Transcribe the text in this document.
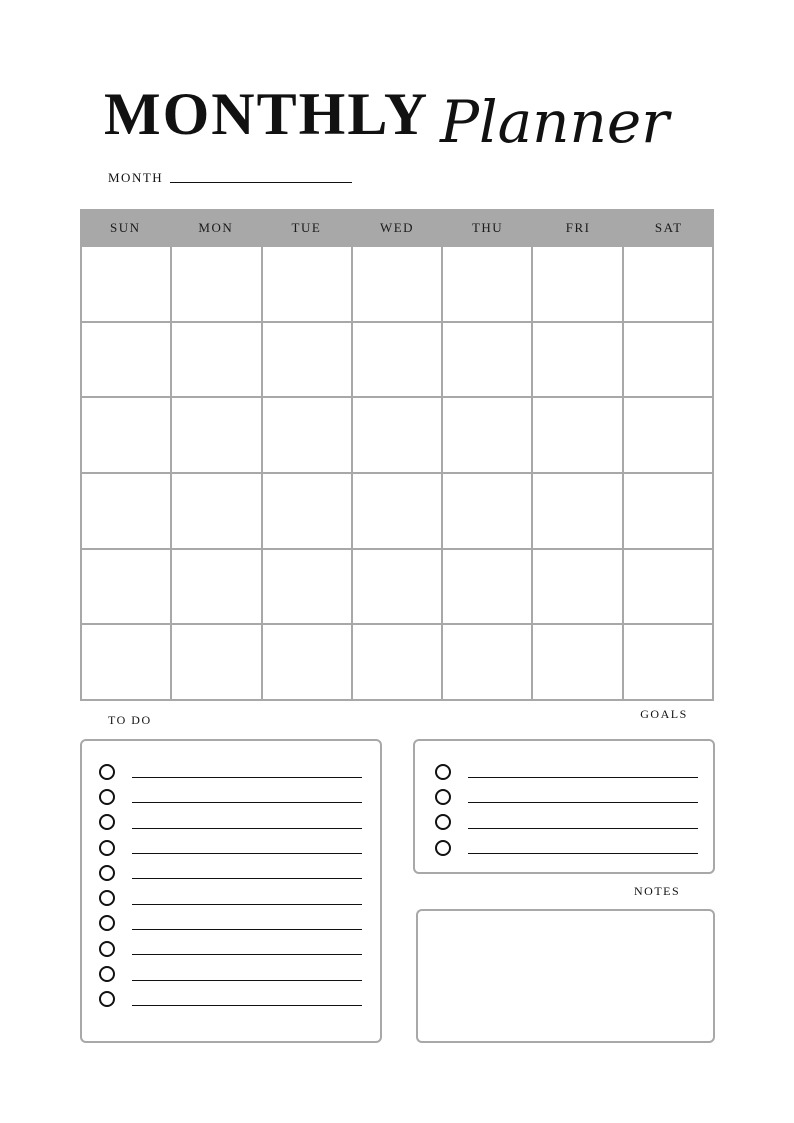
MONTHLY Planner
MONTH
SUN	MON	TUE	WED	THU	FRI	SAT
TO DO	GOALS
NOTES
